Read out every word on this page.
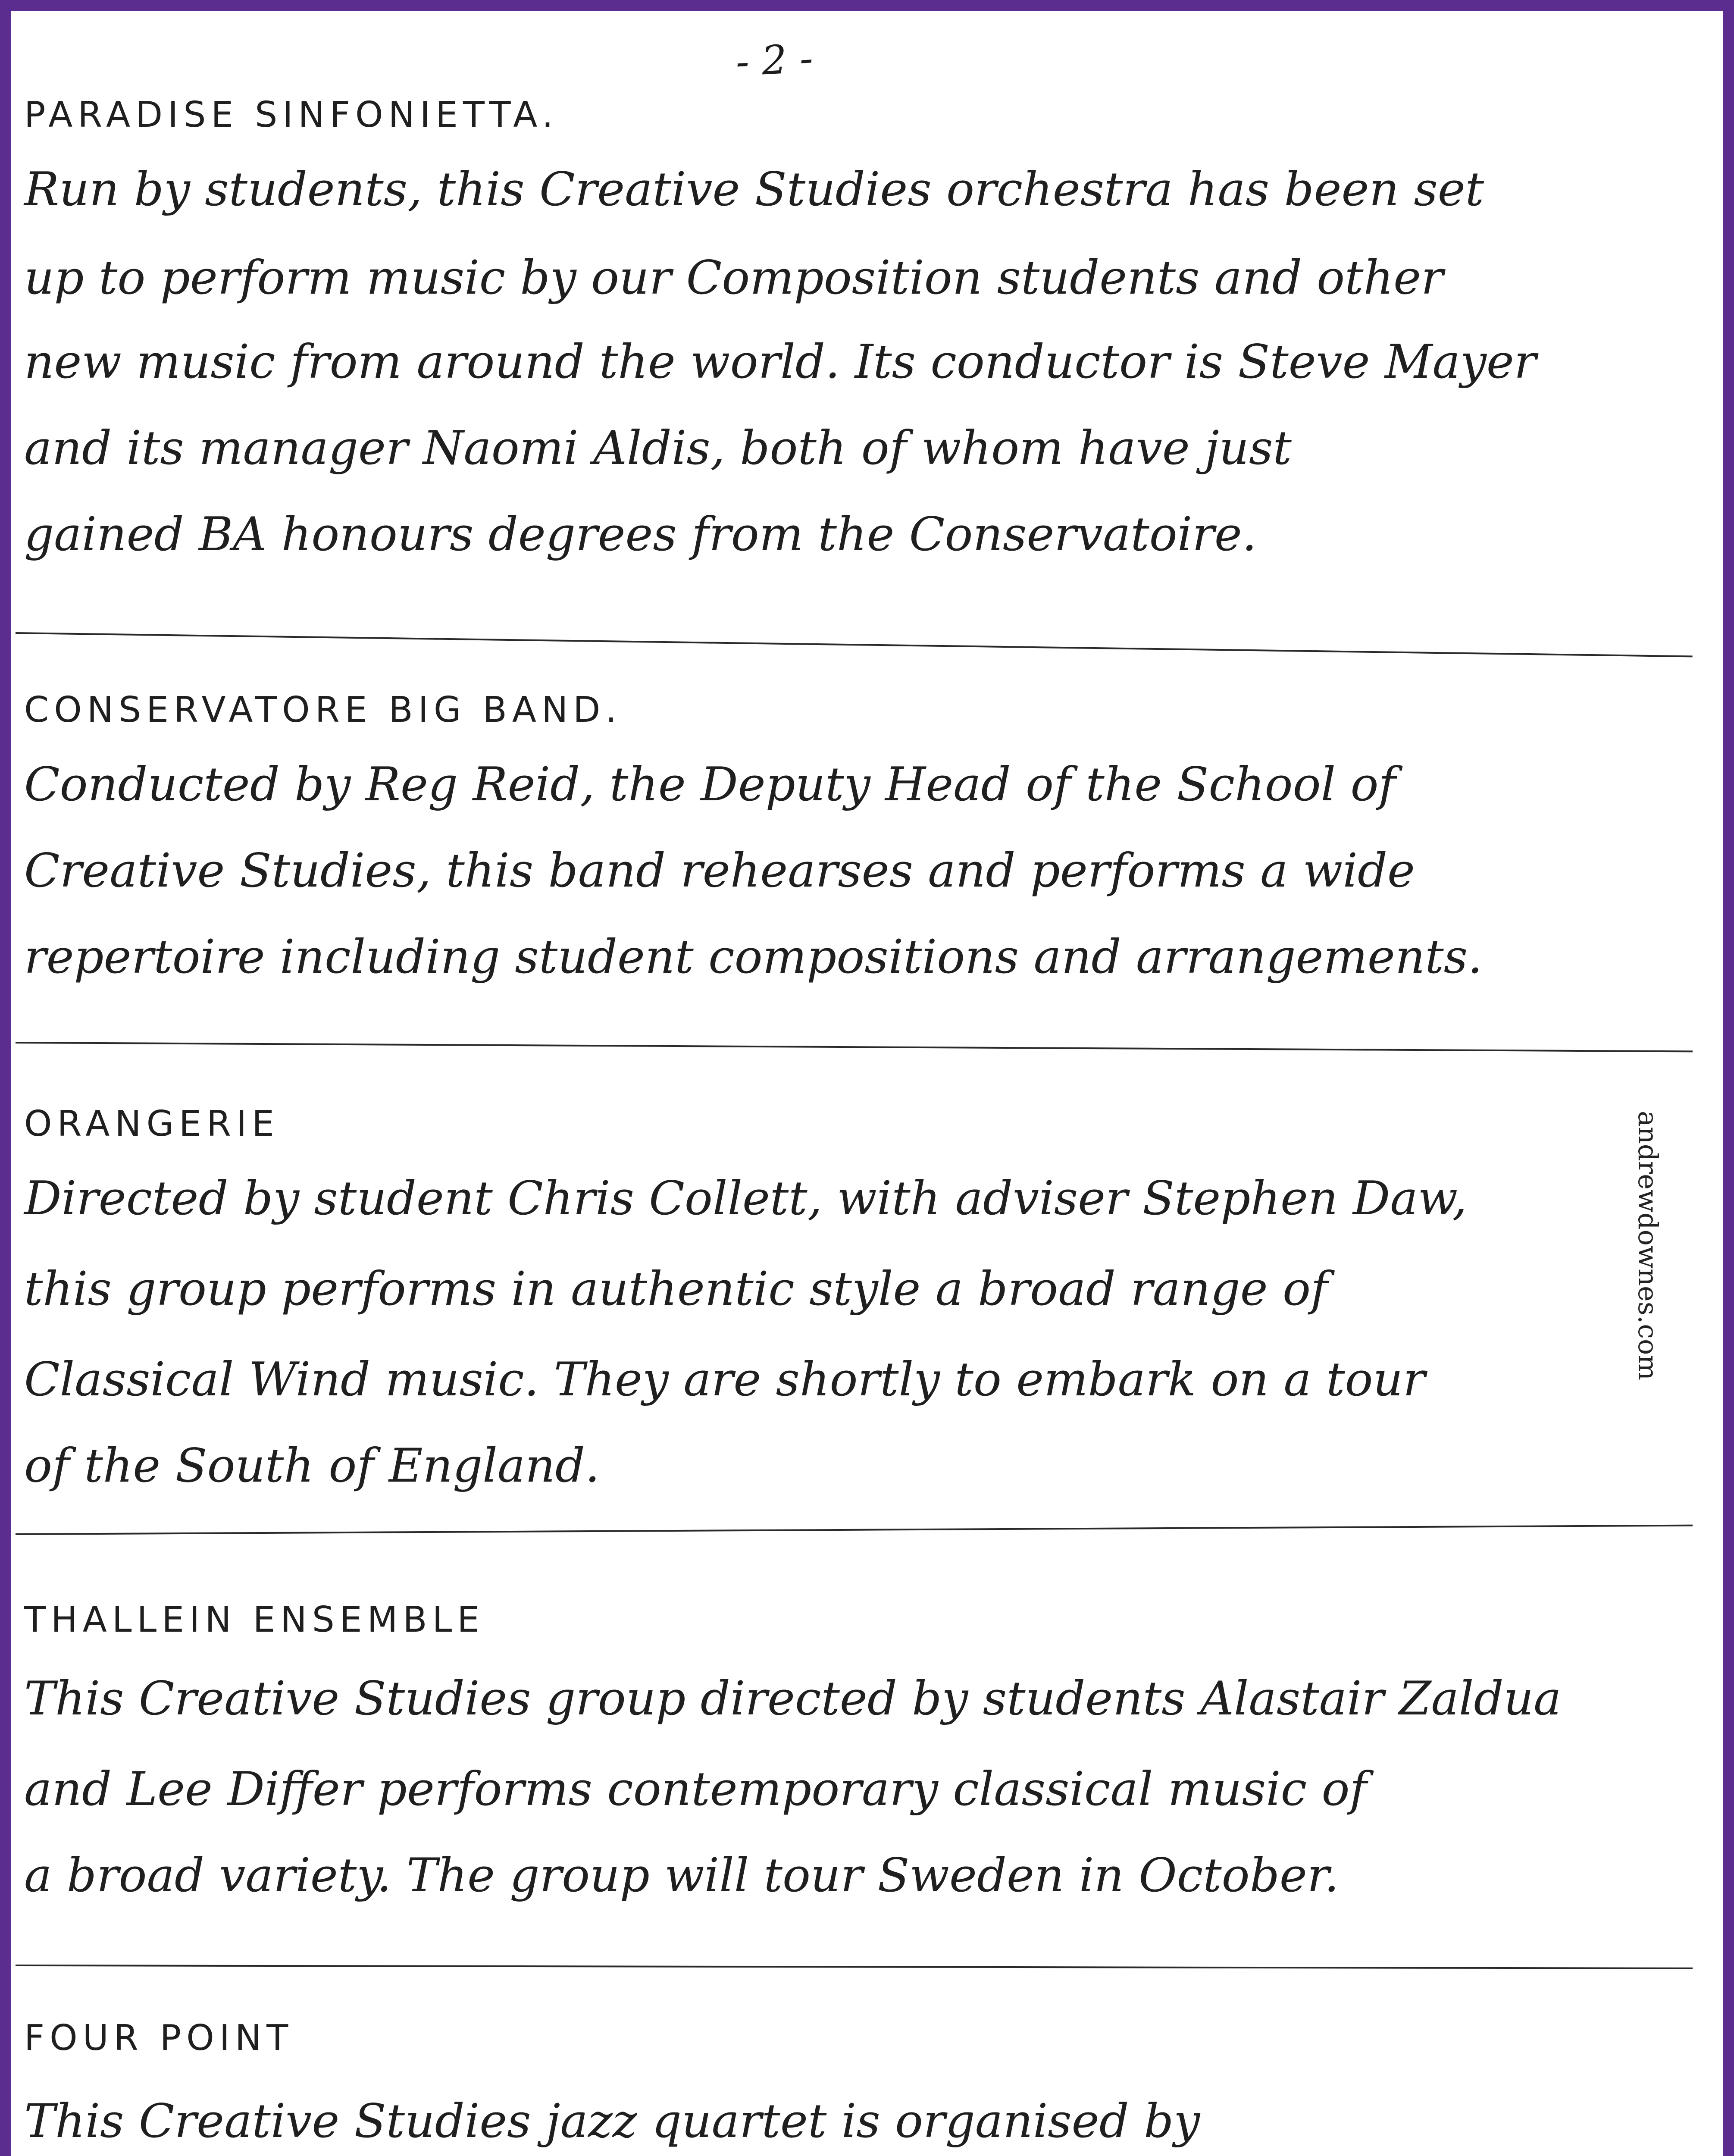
- 2 -
PARADISE SINFONIETTA.
Run by students, this Creative Studies orchestra has been set
up to perform music by our Composition students and other
new music from around the world. Its conductor is Steve Mayer
and its manager Naomi Aldis, both of whom have just
gained BA honours degrees from the Conservatoire.
CONSERVATORE BIG BAND.
Conducted by Reg Reid, the Deputy Head of the School of
Creative Studies, this band rehearses and performs a wide
repertoire including student compositions and arrangements.
ORANGERIE
Directed by student Chris Collett, with adviser Stephen Daw,
this group performs in authentic style a broad range of
Classical Wind music. They are shortly to embark on a tour
of the South of England.
THALLEIN ENSEMBLE
This Creative Studies group directed by students Alastair Zaldua
and Lee Differ performs contemporary classical music of
a broad variety. The group will tour Sweden in October.
FOUR POINT
This Creative Studies jazz quartet is organised by
andrewdownes.com
